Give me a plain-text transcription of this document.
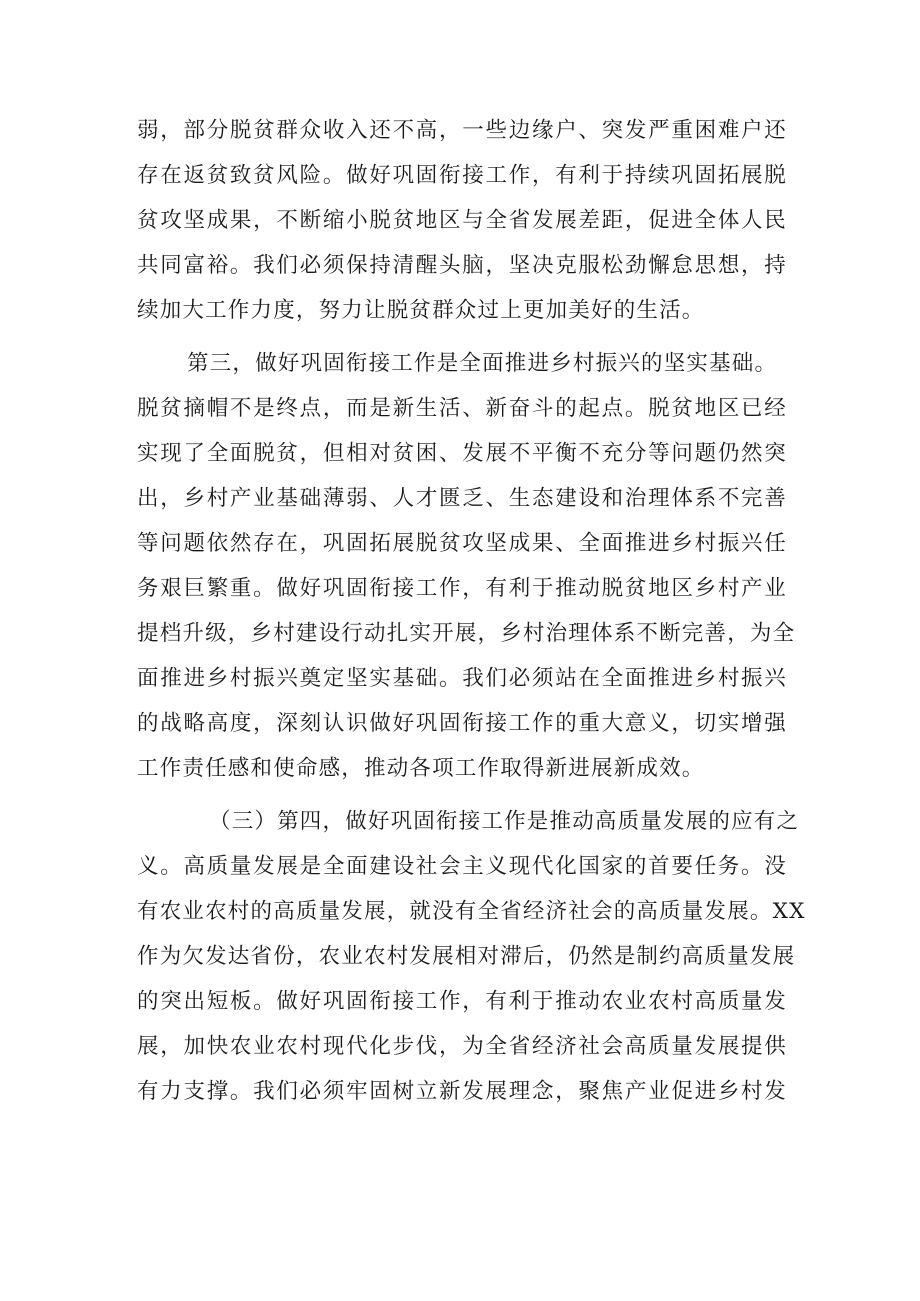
弱，部分脱贫群众收入还不高，一些边缘户、突发严重困难户还
存在返贫致贫风险。做好巩固衔接工作，有利于持续巩固拓展脱
贫攻坚成果，不断缩小脱贫地区与全省发展差距，促进全体人民
共同富裕。我们必须保持清醒头脑，坚决克服松劲懈怠思想，持
续加大工作力度，努力让脱贫群众过上更加美好的生活。
第三，做好巩固衔接工作是全面推进乡村振兴的坚实基础。
脱贫摘帽不是终点，而是新生活、新奋斗的起点。脱贫地区已经
实现了全面脱贫，但相对贫困、发展不平衡不充分等问题仍然突
出，乡村产业基础薄弱、人才匮乏、生态建设和治理体系不完善
等问题依然存在，巩固拓展脱贫攻坚成果、全面推进乡村振兴任
务艰巨繁重。做好巩固衔接工作，有利于推动脱贫地区乡村产业
提档升级，乡村建设行动扎实开展，乡村治理体系不断完善，为全
面推进乡村振兴奠定坚实基础。我们必须站在全面推进乡村振兴
的战略高度，深刻认识做好巩固衔接工作的重大意义，切实增强
工作责任感和使命感，推动各项工作取得新进展新成效。
（三）第四，做好巩固衔接工作是推动高质量发展的应有之
义。高质量发展是全面建设社会主义现代化国家的首要任务。没
有农业农村的高质量发展，就没有全省经济社会的高质量发展。XX
作为欠发达省份，农业农村发展相对滞后，仍然是制约高质量发展
的突出短板。做好巩固衔接工作，有利于推动农业农村高质量发
展，加快农业农村现代化步伐，为全省经济社会高质量发展提供
有力支撑。我们必须牢固树立新发展理念，聚焦产业促进乡村发
